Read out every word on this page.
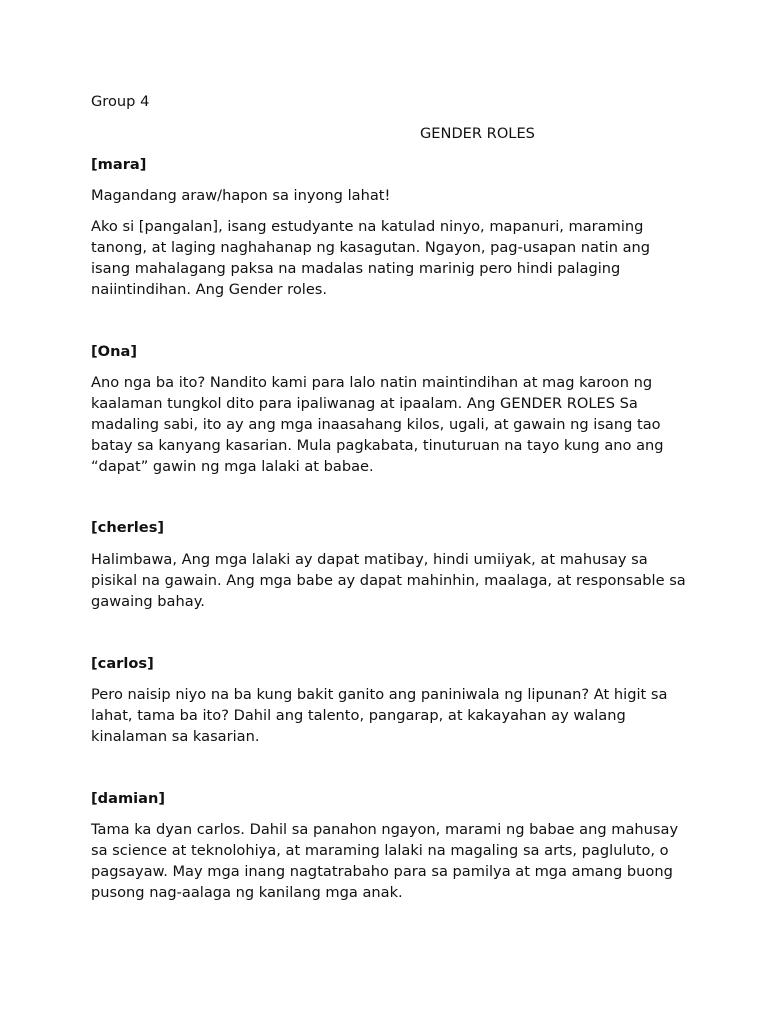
Group 4

GENDER ROLES

[mara]

Magandang araw/hapon sa inyong lahat!

Ako si [pangalan], isang estudyante na katulad ninyo, mapanuri, maraming tanong, at laging naghahanap ng kasagutan. Ngayon, pag-usapan natin ang isang mahalagang paksa na madalas nating marinig pero hindi palaging naiintindihan. Ang Gender roles.

[Ona]

Ano nga ba ito? Nandito kami para lalo natin maintindihan at mag karoon ng kaalaman tungkol dito para ipaliwanag at ipaalam. Ang GENDER ROLES Sa madaling sabi, ito ay ang mga inaasahang kilos, ugali, at gawain ng isang tao batay sa kanyang kasarian. Mula pagkabata, tinuturuan na tayo kung ano ang “dapat” gawin ng mga lalaki at babae.

[cherles]

Halimbawa, Ang mga lalaki ay dapat matibay, hindi umiiyak, at mahusay sa pisikal na gawain. Ang mga babe ay dapat mahinhin, maalaga, at responsable sa gawaing bahay.

[carlos]

Pero naisip niyo na ba kung bakit ganito ang paniniwala ng lipunan? At higit sa lahat, tama ba ito? Dahil ang talento, pangarap, at kakayahan ay walang kinalaman sa kasarian.

[damian]

Tama ka dyan carlos. Dahil sa panahon ngayon, marami ng babae ang mahusay sa science at teknolohiya, at maraming lalaki na magaling sa arts, pagluluto, o pagsayaw. May mga inang nagtatrabaho para sa pamilya at mga amang buong pusong nag-aalaga ng kanilang mga anak.
